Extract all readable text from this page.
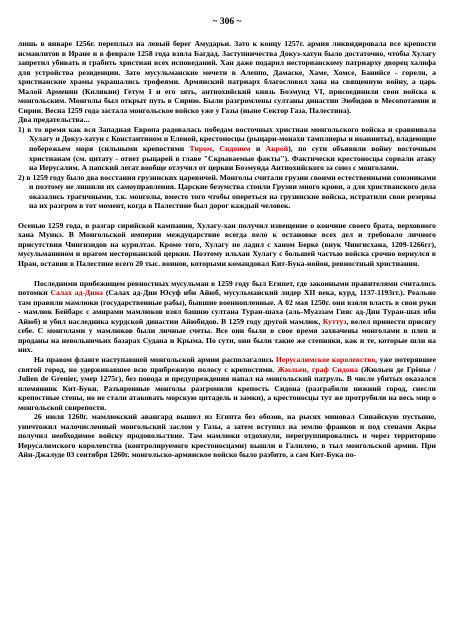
~ 306 ~

лишь в январе 1256г. переплыл на левый берег Амударьи. Зато к концу 1257г. армия ликвидировала все крепости исмаилитов в Иране и в феврале 1258 года взяла Багдад. Заступничества Докуз-хатун было достаточно, чтобы Хулагу запретил убивать и грабить христиан всех исповеданий. Хан даже подарил несторианскому патриарху дворец халифа для устройства резиденции. Зато мусульманские мечети в Алеппо, Дамаске, Хаме, Хомсе, Банийсе - горели, а христианские храмы украшались трофеями. Армянский патриарх благословил хана на священную войну, а царь Малой Армении (Киликии) Гетум I и его зять, антиохийский князь Боэмунд VI, присоединили свои войска к монгольским. Монголы был открыт путь в Сирию. Были разгромлены султаны династии Эюбидов в Месопотамии и Сирии. Весна 1259 года застала монгольское войско уже у Газы (ныне Сектор Газа, Палестина).

Два предательства...

1) в то время как вся Западная Европа радовалась победам восточных христиан монгольского войска и сравнивала Хулагу и Докуз-хатун с Константином и Еленой, крестоносцы (рыцари-монахи тамплиеры и иоанниты), владеющие побережьем моря (сильными крепостями Тиром, Сидоном и Акрой), по сути объявили войну восточным христианам (см. цитату - ответ рыцарей в главе "Скрываемые факты"). Фактически крестоносцы сорвали атаку на Иерусалим. А папский легат вообще отлучил от церкви Боэмунда Антиохийского за союз с монголами.

2) в 1259 году было два восстания грузинских царевичей. Монголы считали грузин своими естественными союзниками и поэтому не лишили их самоуправления. Царские безумства стоили Грузии много крови, а для христианского дела оказались трагичными, т.к. монголы, вместо того чтобы опереться на грузинские войска, истратили свои резервы на их разгром в тот момент, когда в Палестине был дорог каждый человек.

Осенью 1259 года, в разгар сирийской кампании, Хулагу-хан получил извещение о кончине своего брата, верховного хана Мункэ. В Монгольской империи междуцарствие всегда вело к остановке всех дел и требовало личного присутствия Чингизидов на курилтае. Кроме того, Хулагу не ладил с ханом Берке (внук Чингисхана, 1209-1266гг), мусульманином и врагом несторианской церкви. Поэтому ильхан Хулагу с большей частью войска срочно вернулся в Иран, оставив в Палестине всего 20 тыс. воинов, которыми командовал Кит-Бука-нойон, ревностный христианин.

Последними прибежищем ревностных мусульман в 1259 году был Египет, где законными правителями считались потомки Салах ад-Дина (Салах ад-Дин Юсуф ибн Айюб, мусульманский лидер XII века, курд, 1137-1193гг.). Реально там правили мамлюки (государственные рабы), бывшие военнопленные. А 02 мая 1250г. они взяли власть в свои руки - мамлюк Бейбарс с амирами мамлюков взял башню султана Туран-шаха (аль-Муаззам Гияс ад-Дин Туран-шах ибн Айюб) и убил наследника курдской династии Айюбидов. В 1259 году другой мамлюк, Куттуз, велел принести присягу себе. С монголами у мамлюков были личные счеты. Все они были в свое время захвачены монголами в плен и проданы на невольничьих базарах Судана и Крыма. По сути, они были такие же степняки, как и те, которые шли на них.

На правом фланге наступавшей монгольской армии располагались Иерусалимское королевство, уже потерявшее святой город, но удерживавшее всю прибрежную полосу с крепостями. Жюльен, граф Сидона (Жюльен де Грёнье / Julien de Grenier, умер 1275г), без повода и предупреждения напал на монгольский патруль. В числе убитых оказался племянник Кит-Буки. Разъяренные монголы разгромили крепость Сидона (разграбили нижний город, снесли крепостные стены, но не стали атаковать морскую цитадель и замки), а крестоносцы тут же протрубили на весь мир о монгольской свирепости.

26 июля 1260г. мамлюкский авангард вышел из Египта без обозов, на рысях миновал Синайскую пустыню, уничтожил малочисленный монгольский заслон у Газы, а затем вступил на землю франков и под стенами Акры получил необходимое войску продовольствие. Там мамлюки отдохнули, перегруппировались и через территорию Иерусалимского королевства (контролируемого крестоносцами) вышли в Галилею, в тыл монгольской армии. При Айн-Джалуде 03 сентября 1260г. монгольско-армянское войско было разбито, а сам Кит-Бука по-
